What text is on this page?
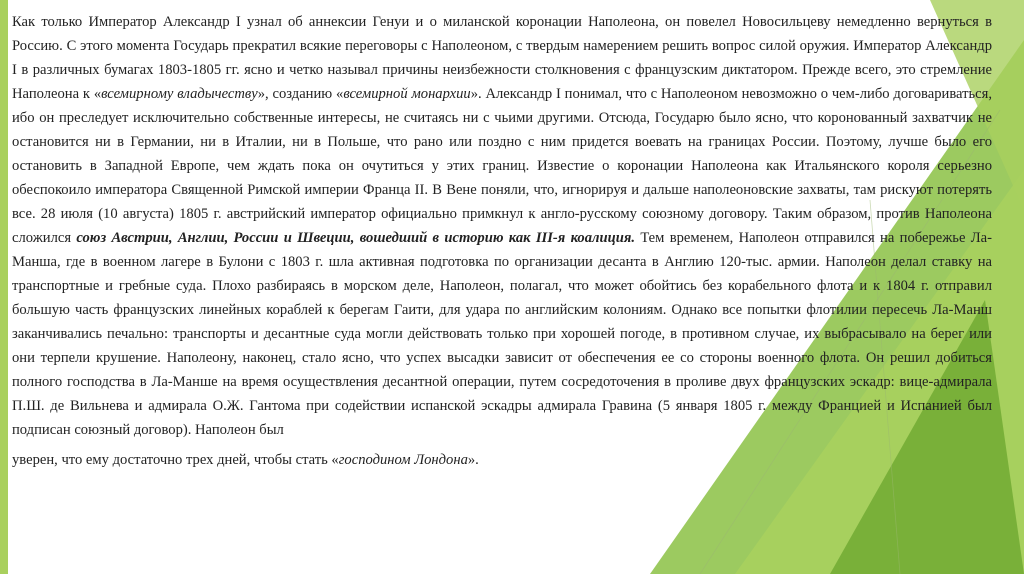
Как только Император Александр I узнал об аннексии Генуи и о миланской коронации Наполеона, он повелел Новосильцеву немедленно вернуться в Россию. С этого момента Государь прекратил всякие переговоры с Наполеоном, с твердым намерением решить вопрос силой оружия. Император Александр I в различных бумагах 1803-1805 гг. ясно и четко называл причины неизбежности столкновения с французским диктатором. Прежде всего, это стремление Наполеона к «всемирному владычеству», созданию «всемирной монархии». Александр I понимал, что с Наполеоном невозможно о чем-либо договариваться, ибо он преследует исключительно собственные интересы, не считаясь ни с чьими другими. Отсюда, Государю было ясно, что коронованный захватчик не остановится ни в Германии, ни в Италии, ни в Польше, что рано или поздно с ним придется воевать на границах России. Поэтому, лучше было его остановить в Западной Европе, чем ждать пока он очутиться у этих границ. Известие о коронации Наполеона как Итальянского короля серьезно обеспокоило императора Священной Римской империи Франца II. В Вене поняли, что, игнорируя и дальше наполеоновские захваты, там рискуют потерять все. 28 июля (10 августа) 1805 г. австрийский император официально примкнул к англо-русскому союзному договору. Таким образом, против Наполеона сложился союз Австрии, Англии, России и Швеции, вошедший в историю как III-я коалиция. Тем временем, Наполеон отправился на побережье Ла-Манша, где в военном лагере в Булони с 1803 г. шла активная подготовка по организации десанта в Англию 120-тыс. армии. Наполеон делал ставку на транспортные и гребные суда. Плохо разбираясь в морском деле, Наполеон, полагал, что может обойтись без корабельного флота и к 1804 г. отправил большую часть французских линейных кораблей к берегам Гаити, для удара по английским колониям. Однако все попытки флотилии пересечь Ла-Манш заканчивались печально: транспорты и десантные суда могли действовать только при хорошей погоде, в противном случае, их выбрасывало на берег или они терпели крушение. Наполеону, наконец, стало ясно, что успех высадки зависит от обеспечения ее со стороны военного флота. Он решил добиться полного господства в Ла-Манше на время осуществления десантной операции, путем сосредоточения в проливе двух французских эскадр: вице-адмирала П.Ш. де Вильнева и адмирала О.Ж. Гантома при содействии испанской эскадры адмирала Гравина (5 января 1805 г. между Францией и Испанией был подписан союзный договор). Наполеон был
уверен, что ему достаточно трех дней, чтобы стать «господином Лондона».
